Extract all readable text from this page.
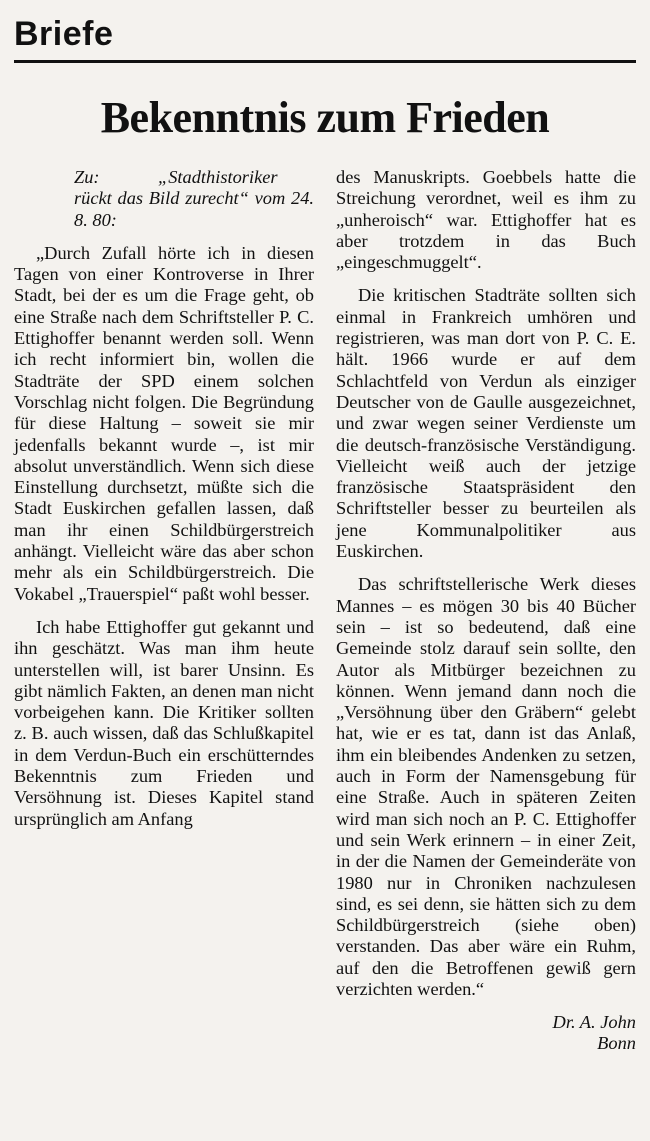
Briefe
Bekenntnis zum Frieden
Zu:	„Stadthistoriker rückt das Bild zurecht“ vom 24. 8. 80:

„Durch Zufall hörte ich in diesen Tagen von einer Kontroverse in Ihrer Stadt, bei der es um die Frage geht, ob eine Straße nach dem Schriftsteller P. C. Ettighoffer benannt werden soll. Wenn ich recht informiert bin, wollen die Stadträte der SPD einem solchen Vorschlag nicht folgen. Die Begründung für diese Haltung – soweit sie mir jedenfalls bekannt wurde –, ist mir absolut unverständlich. Wenn sich diese Einstellung durchsetzt, müßte sich die Stadt Euskirchen gefallen lassen, daß man ihr einen Schildbürgerstreich anhängt. Vielleicht wäre das aber schon mehr als ein Schildbürgerstreich. Die Vokabel „Trauerspiel“ paßt wohl besser.

Ich habe Ettighoffer gut gekannt und ihn geschätzt. Was man ihm heute unterstellen will, ist barer Unsinn. Es gibt nämlich Fakten, an denen man nicht vorbeigehen kann. Die Kritiker sollten z. B. auch wissen, daß das Schlußkapitel in dem Verdun-Buch ein erschütterndes Bekenntnis zum Frieden und Versöhnung ist. Dieses Kapitel stand ursprünglich am Anfang

des Manuskripts. Goebbels hatte die Streichung verordnet, weil es ihm zu „unheroisch“ war. Ettighoffer hat es aber trotzdem in das Buch „eingeschmuggelt“.

Die kritischen Stadträte sollten sich einmal in Frankreich umhören und registrieren, was man dort von P. C. E. hält. 1966 wurde er auf dem Schlachtfeld von Verdun als einziger Deutscher von de Gaulle ausgezeichnet, und zwar wegen seiner Verdienste um die deutsch-französische Verständigung. Vielleicht weiß auch der jetzige französische Staatspräsident den Schriftsteller besser zu beurteilen als jene Kommunalpolitiker aus Euskirchen.

Das schriftstellerische Werk dieses Mannes – es mögen 30 bis 40 Bücher sein – ist so bedeutend, daß eine Gemeinde stolz darauf sein sollte, den Autor als Mitbürger bezeichnen zu können. Wenn jemand dann noch die „Versöhnung über den Gräbern“ gelebt hat, wie er es tat, dann ist das Anlaß, ihm ein bleibendes Andenken zu setzen, auch in Form der Namensgebung für eine Straße. Auch in späteren Zeiten wird man sich noch an P. C. Ettighoffer und sein Werk erinnern – in einer Zeit, in der die Namen der Gemeinderäte von 1980 nur in Chroniken nachzulesen sind, es sei denn, sie hätten sich zu dem Schildbürgerstreich (siehe oben) verstanden. Das aber wäre ein Ruhm, auf den die Betroffenen gewiß gern verzichten werden.“

Dr. A. John
Bonn
